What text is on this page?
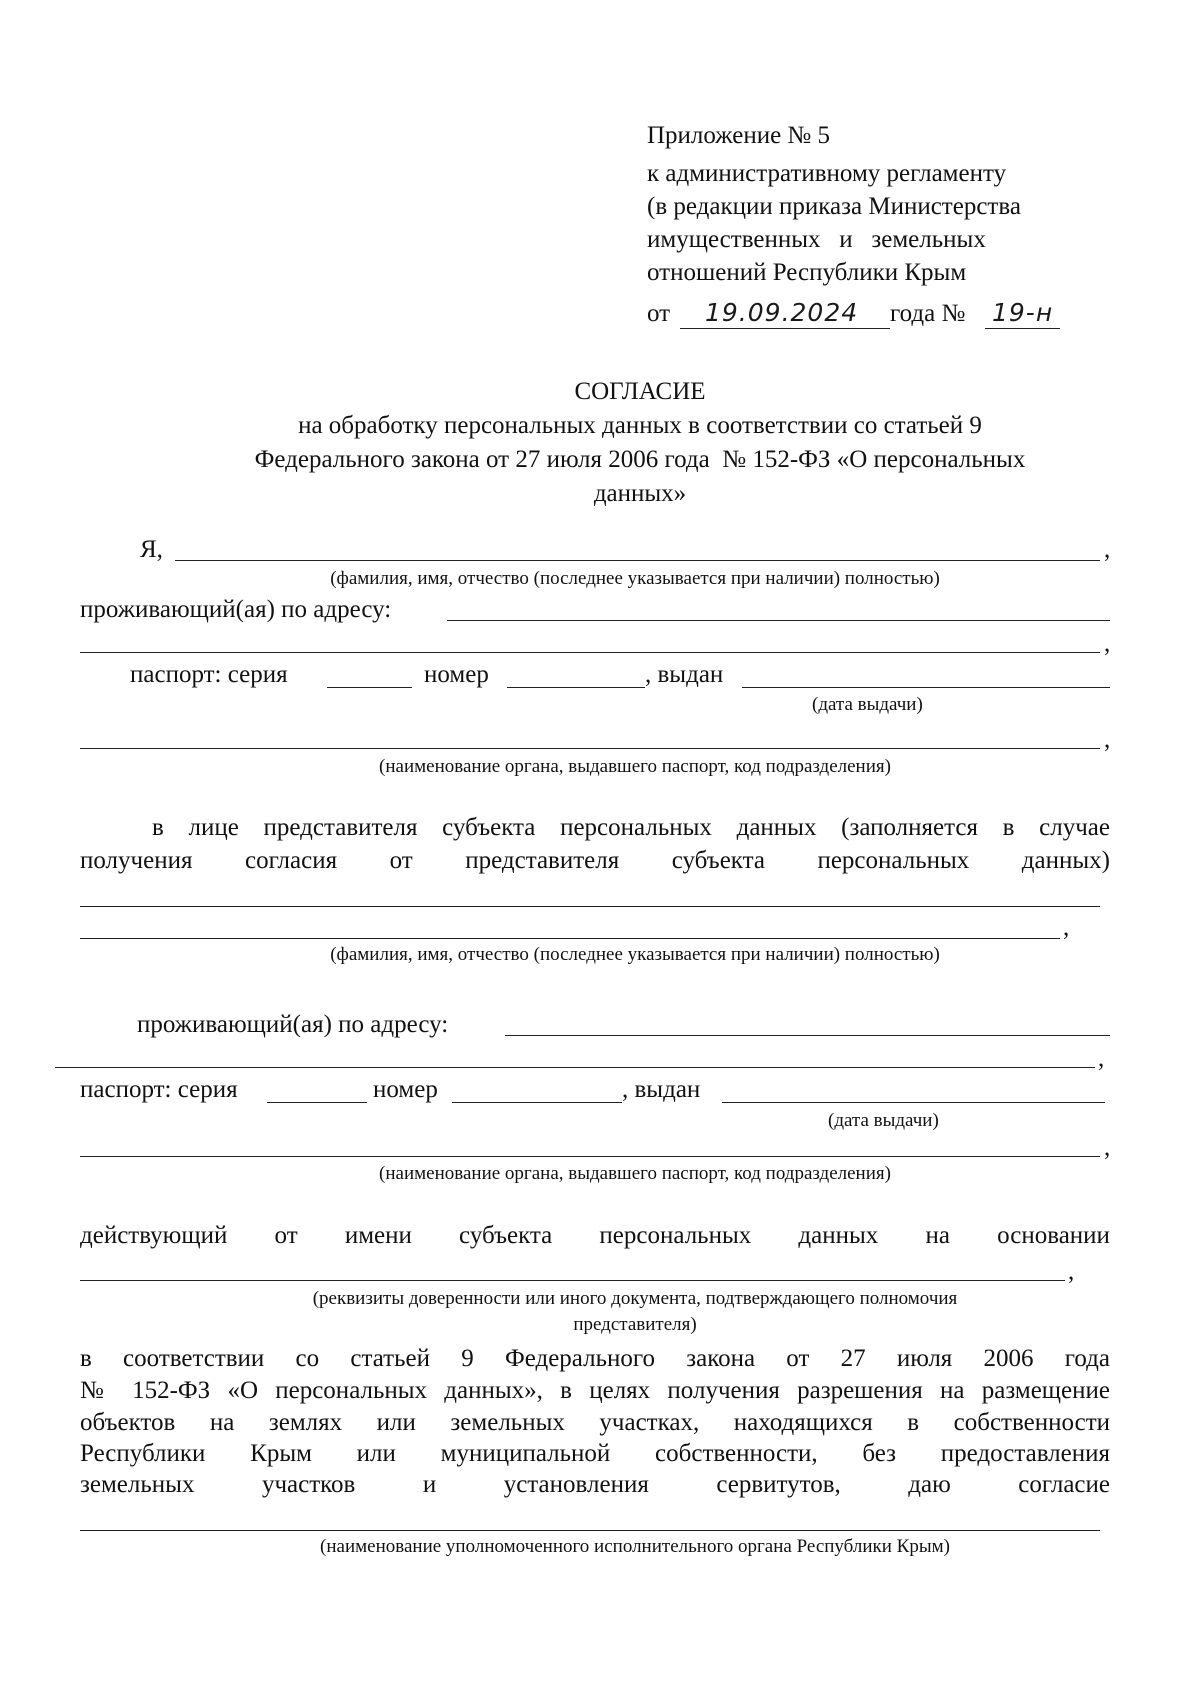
Приложение № 5
к административному регламенту
(в редакции приказа Министерства
имущественных   и   земельных
отношений Республики Крым
от 19.09.2024 года № 19-н
СОГЛАСИЕ
на обработку персональных данных в соответствии со статьей 9
Федерального закона от 27 июля 2006 года  № 152-ФЗ «О персональных
данных»
Я,	,
(фамилия, имя, отчество (последнее указывается при наличии) полностью)
проживающий(ая) по адресу:
,
паспорт: серия	номер	, выдан
(дата выдачи)
,
(наименование органа, выдавшего паспорт, код подразделения)
в лице представителя субъекта персональных данных (заполняется в случае
получения согласия от представителя субъекта персональных данных)
,
(фамилия, имя, отчество (последнее указывается при наличии) полностью)
проживающий(ая) по адресу:
,
паспорт: серия	номер	, выдан
(дата выдачи)
,
(наименование органа, выдавшего паспорт, код подразделения)
действующий от имени субъекта персональных данных на основании
,
(реквизиты доверенности или иного документа, подтверждающего полномочия
представителя)
в соответствии со статьей 9 Федерального закона от 27 июля 2006 года
№ 152-ФЗ «О персональных данных», в целях получения разрешения на размещение
объектов на землях или земельных участках, находящихся в собственности
Республики Крым или муниципальной собственности, без предоставления
земельных участков и установления сервитутов, даю согласие
(наименование уполномоченного исполнительного органа Республики Крым)
